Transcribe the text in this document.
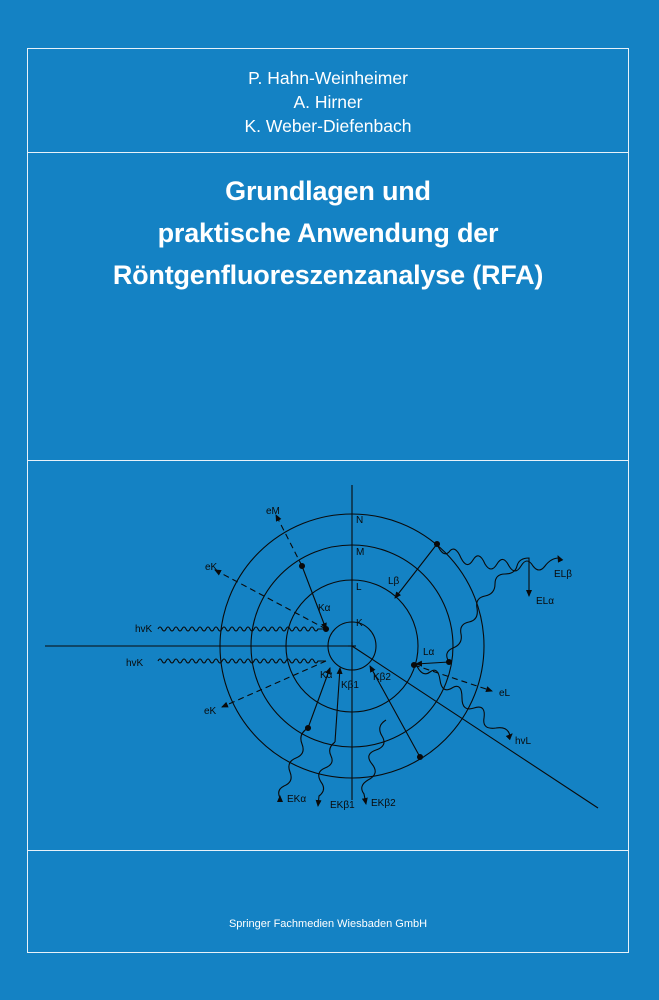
P. Hahn-Weinheimer
A. Hirner
K. Weber-Diefenbach
Grundlagen und
praktische Anwendung der
Röntgenfluoreszenzanalyse (RFA)
N
M
L
K
eM
eK
eK
eL
ELβ
ELα
hvK
hvK
hvL
Lβ
Lα
Kα
Kα
Kβ1
Kβ2
EKα
EKβ1 EKβ2
Springer Fachmedien Wiesbaden GmbH
